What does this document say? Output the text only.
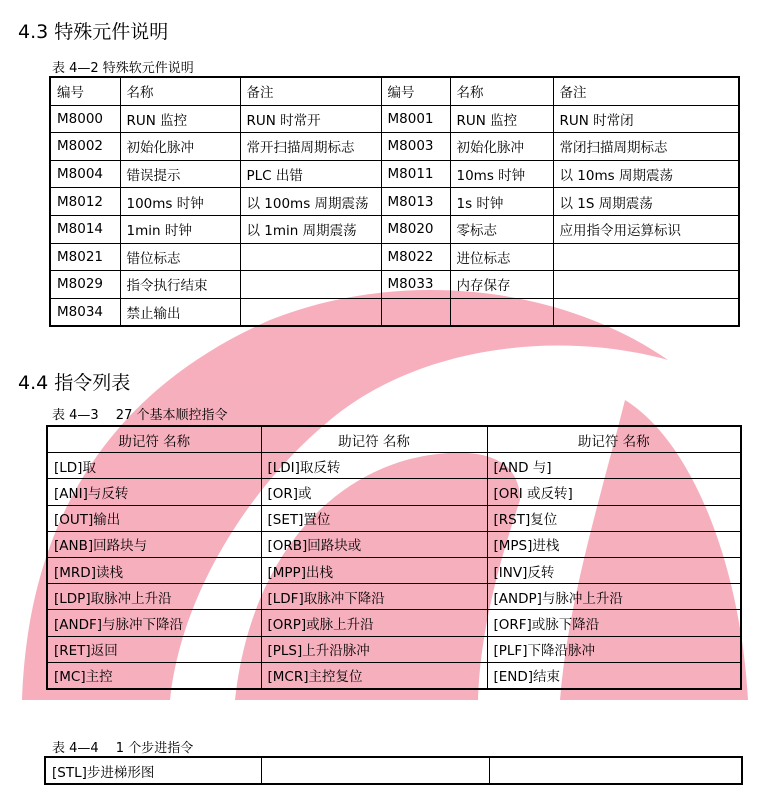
4.3 特殊元件说明
表 4—2 特殊软元件说明
编号	名称	备注	编号	名称	备注
M8000	RUN 监控	RUN 时常开	M8001	RUN 监控	RUN 时常闭
M8002	初始化脉冲	常开扫描周期标志	M8003	初始化脉冲	常闭扫描周期标志
M8004	错误提示	PLC 出错	M8011	10ms 时钟	以 10ms 周期震荡
M8012	100ms 时钟	以 100ms 周期震荡	M8013	1s 时钟	以 1S 周期震荡
M8014	1min 时钟	以 1min 周期震荡	M8020	零标志	应用指令用运算标识
M8021	错位标志		M8022	进位标志	
M8029	指令执行结束		M8033	内存保存	
M8034	禁止输出				
4.4 指令列表
表 4—3　 27 个基本顺控指令
助记符 名称	助记符 名称	助记符 名称
[LD]取	[LDI]取反转	[AND 与]
[ANI]与反转	[OR]或	[ORI 或反转]
[OUT]输出	[SET]置位	[RST]复位
[ANB]回路块与	[ORB]回路块或	[MPS]进栈
[MRD]读栈	[MPP]出栈	[INV]反转
[LDP]取脉冲上升沿	[LDF]取脉冲下降沿	[ANDP]与脉冲上升沿
[ANDF]与脉冲下降沿	[ORP]或脉上升沿	[ORF]或脉下降沿
[RET]返回	[PLS]上升沿脉冲	[PLF]下降沿脉冲
[MC]主控	[MCR]主控复位	[END]结束
表 4—4　 1 个步进指令
[STL]步进梯形图		
